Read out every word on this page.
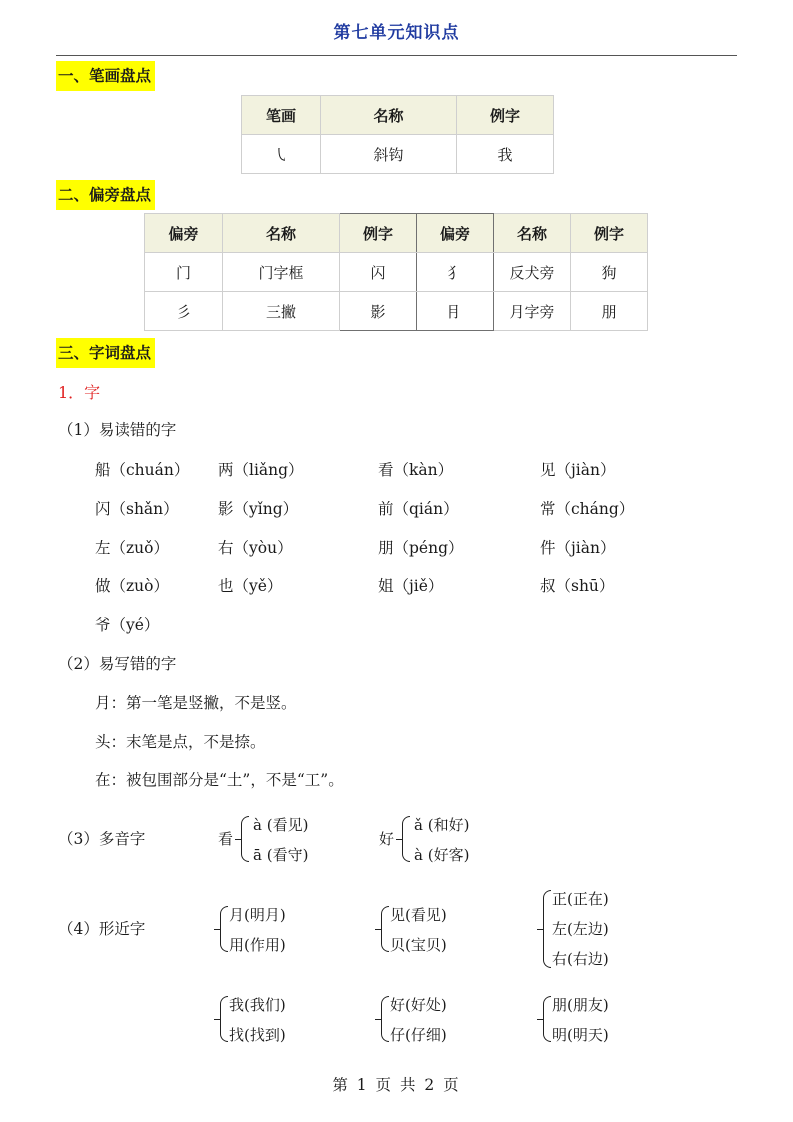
第七单元知识点
一、笔画盘点
笔画	名称	例字
㇂	斜钩	我
二、偏旁盘点
偏旁	名称	例字	偏旁	名称	例字
门	门字框	闪	犭	反犬旁	狗
彡	三撇	影	⺝	月字旁	朋
三、字词盘点
1．字
（1）易读错的字
船（chuán） 两（liǎng）	看（kàn）	见（jiàn）
闪（shǎn）	影（yǐng）	前（qián）	常（cháng）
左（zuǒ）	右（yòu）	朋（péng）	件（jiàn）
做（zuò）	也（yě）	姐（jiě）	叔（shū）
爷（yé）
（2）易写错的字
月：第一笔是竖撇，不是竖。
头：末笔是点，不是捺。
在：被包围部分是“土”，不是“工”。
（3）多音字	看
à (看见)
ā (看守)
好
ǎ (和好)
à (好客)
（4）形近字
月(明月)
用(作用)
见(看见)
贝(宝贝)
正(正在)
左(左边)
右(右边)
我(我们)
找(找到)
好(好处)
仔(仔细)
朋(朋友)
明(明天)
第 1 页 共 2 页
